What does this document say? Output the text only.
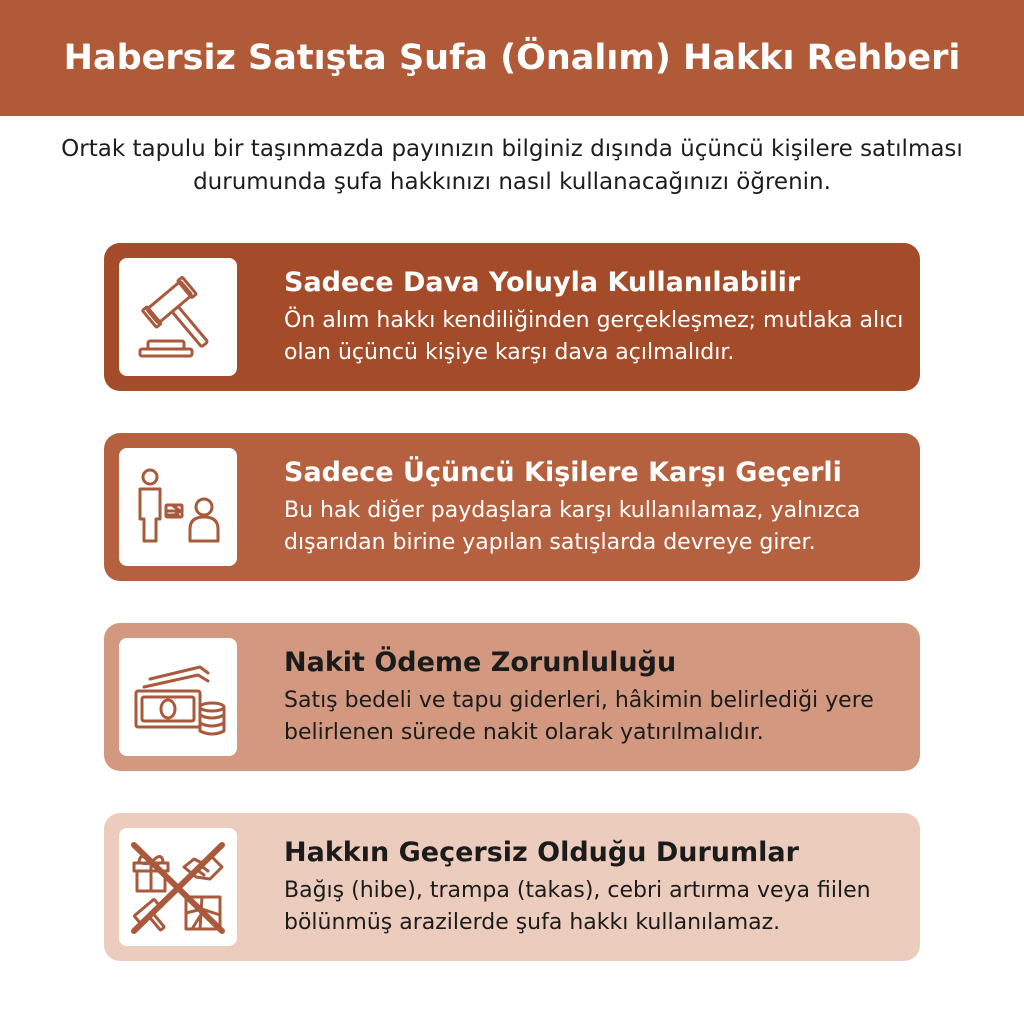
Habersiz Satışta Şufa (Önalım) Hakkı Rehberi
Ortak tapulu bir taşınmazda payınızın bilginiz dışında üçüncü kişilere satılması durumunda şufa hakkınızı nasıl kullanacağınızı öğrenin.
Sadece Dava Yoluyla Kullanılabilir

Ön alım hakkı kendiliğinden gerçekleşmez; mutlaka alıcı olan üçüncü kişiye karşı dava açılmalıdır.

Sadece Üçüncü Kişilere Karşı Geçerli

Bu hak diğer paydaşlara karşı kullanılamaz, yalnızca dışarıdan birine yapılan satışlarda devreye girer.

Nakit Ödeme Zorunluluğu

Satış bedeli ve tapu giderleri, hâkimin belirlediği yere belirlenen sürede nakit olarak yatırılmalıdır.

Hakkın Geçersiz Olduğu Durumlar

Bağış (hibe), trampa (takas), cebri artırma veya fiilen bölünmüş arazilerde şufa hakkı kullanılamaz.
